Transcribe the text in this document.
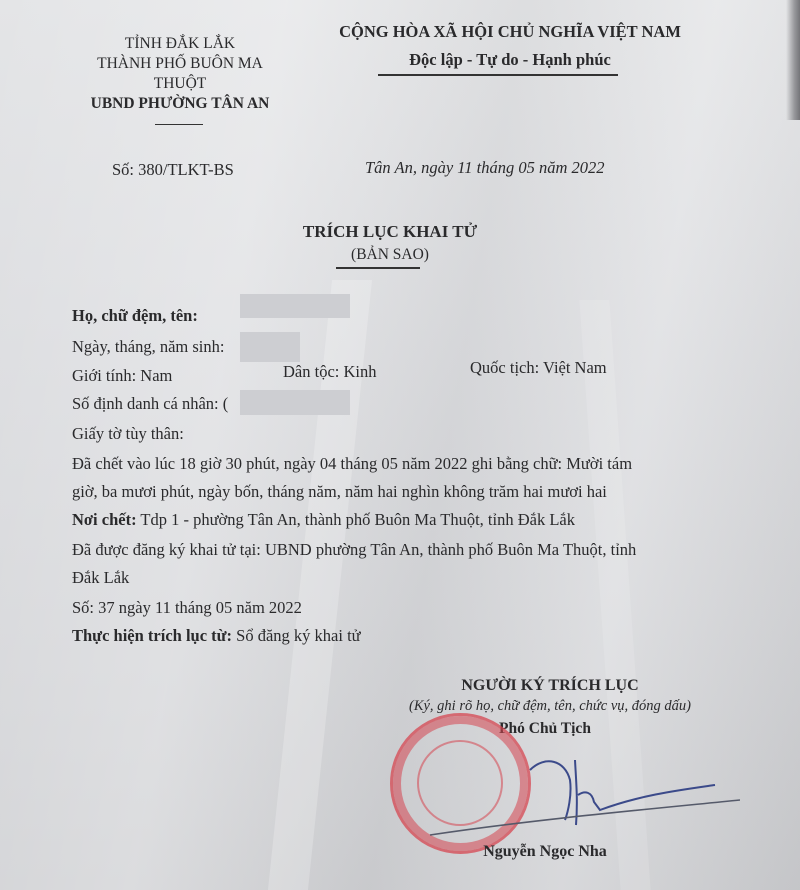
TỈNH ĐẮK LẮK
THÀNH PHỐ BUÔN MA
THUỘT
UBND PHƯỜNG TÂN AN
CỘNG HÒA XÃ HỘI CHỦ NGHĨA VIỆT NAM
Độc lập - Tự do - Hạnh phúc
Số: 380/TLKT-BS	Tân An, ngày 11 tháng 05 năm 2022
TRÍCH LỤC KHAI TỬ
(BẢN SAO)
Họ, chữ đệm, tên:
Ngày, tháng, năm sinh:
Giới tính: Nam	Dân tộc: Kinh	Quốc tịch: Việt Nam
Số định danh cá nhân: (
Giấy tờ tùy thân:
Đã chết vào lúc 18 giờ 30 phút, ngày 04 tháng 05 năm 2022 ghi bằng chữ: Mười tám
giờ, ba mươi phút, ngày bốn, tháng năm, năm hai nghìn không trăm hai mươi hai
Nơi chết: Tdp 1 - phường Tân An, thành phố Buôn Ma Thuột, tỉnh Đắk Lắk
Đã được đăng ký khai tử tại: UBND phường Tân An, thành phố Buôn Ma Thuột, tỉnh
Đắk Lắk
Số: 37 ngày 11 tháng 05 năm 2022
Thực hiện trích lục từ: Sổ đăng ký khai tử
NGƯỜI KÝ TRÍCH LỤC
(Ký, ghi rõ họ, chữ đệm, tên, chức vụ, đóng dấu)
Phó Chủ Tịch
Nguyễn Ngọc Nha
